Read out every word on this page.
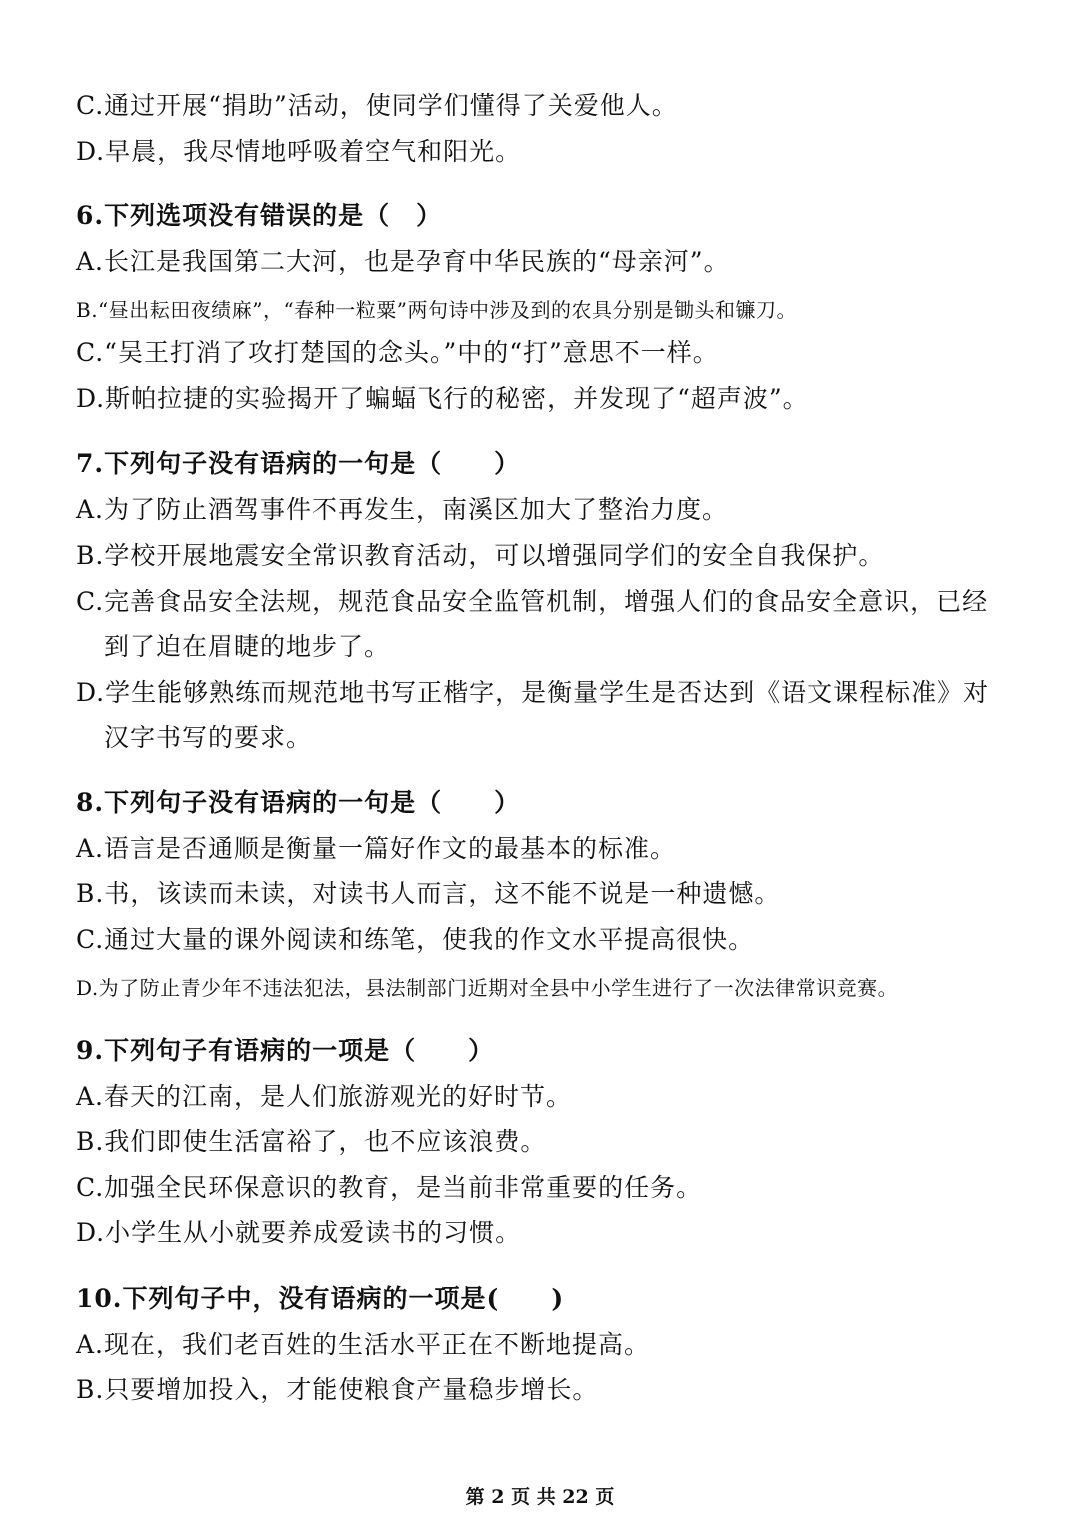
C.通过开展“捐助”活动，使同学们懂得了关爱他人。
D.早晨，我尽情地呼吸着空气和阳光。
6.下列选项没有错误的是（　）
A.长江是我国第二大河，也是孕育中华民族的“母亲河”。
B.“昼出耘田夜绩麻”，“春种一粒粟”两句诗中涉及到的农具分别是锄头和镰刀。
C.“吴王打消了攻打楚国的念头。”中的“打”意思不一样。
D.斯帕拉捷的实验揭开了蝙蝠飞行的秘密，并发现了“超声波”。
7.下列句子没有语病的一句是（　　）
A.为了防止酒驾事件不再发生，南溪区加大了整治力度。
B.学校开展地震安全常识教育活动，可以增强同学们的安全自我保护。
C.完善食品安全法规，规范食品安全监管机制，增强人们的食品安全意识，已经
到了迫在眉睫的地步了。
D.学生能够熟练而规范地书写正楷字，是衡量学生是否达到《语文课程标准》对
汉字书写的要求。
8.下列句子没有语病的一句是（　　）
A.语言是否通顺是衡量一篇好作文的最基本的标准。
B.书，该读而未读，对读书人而言，这不能不说是一种遗憾。
C.通过大量的课外阅读和练笔，使我的作文水平提高很快。
D.为了防止青少年不违法犯法，县法制部门近期对全县中小学生进行了一次法律常识竞赛。
9.下列句子有语病的一项是（　　）
A.春天的江南，是人们旅游观光的好时节。
B.我们即使生活富裕了，也不应该浪费。
C.加强全民环保意识的教育，是当前非常重要的任务。
D.小学生从小就要养成爱读书的习惯。
10.下列句子中，没有语病的一项是(　　)
A.现在，我们老百姓的生活水平正在不断地提高。
B.只要增加投入，才能使粮食产量稳步增长。
第 2 页 共 22 页
